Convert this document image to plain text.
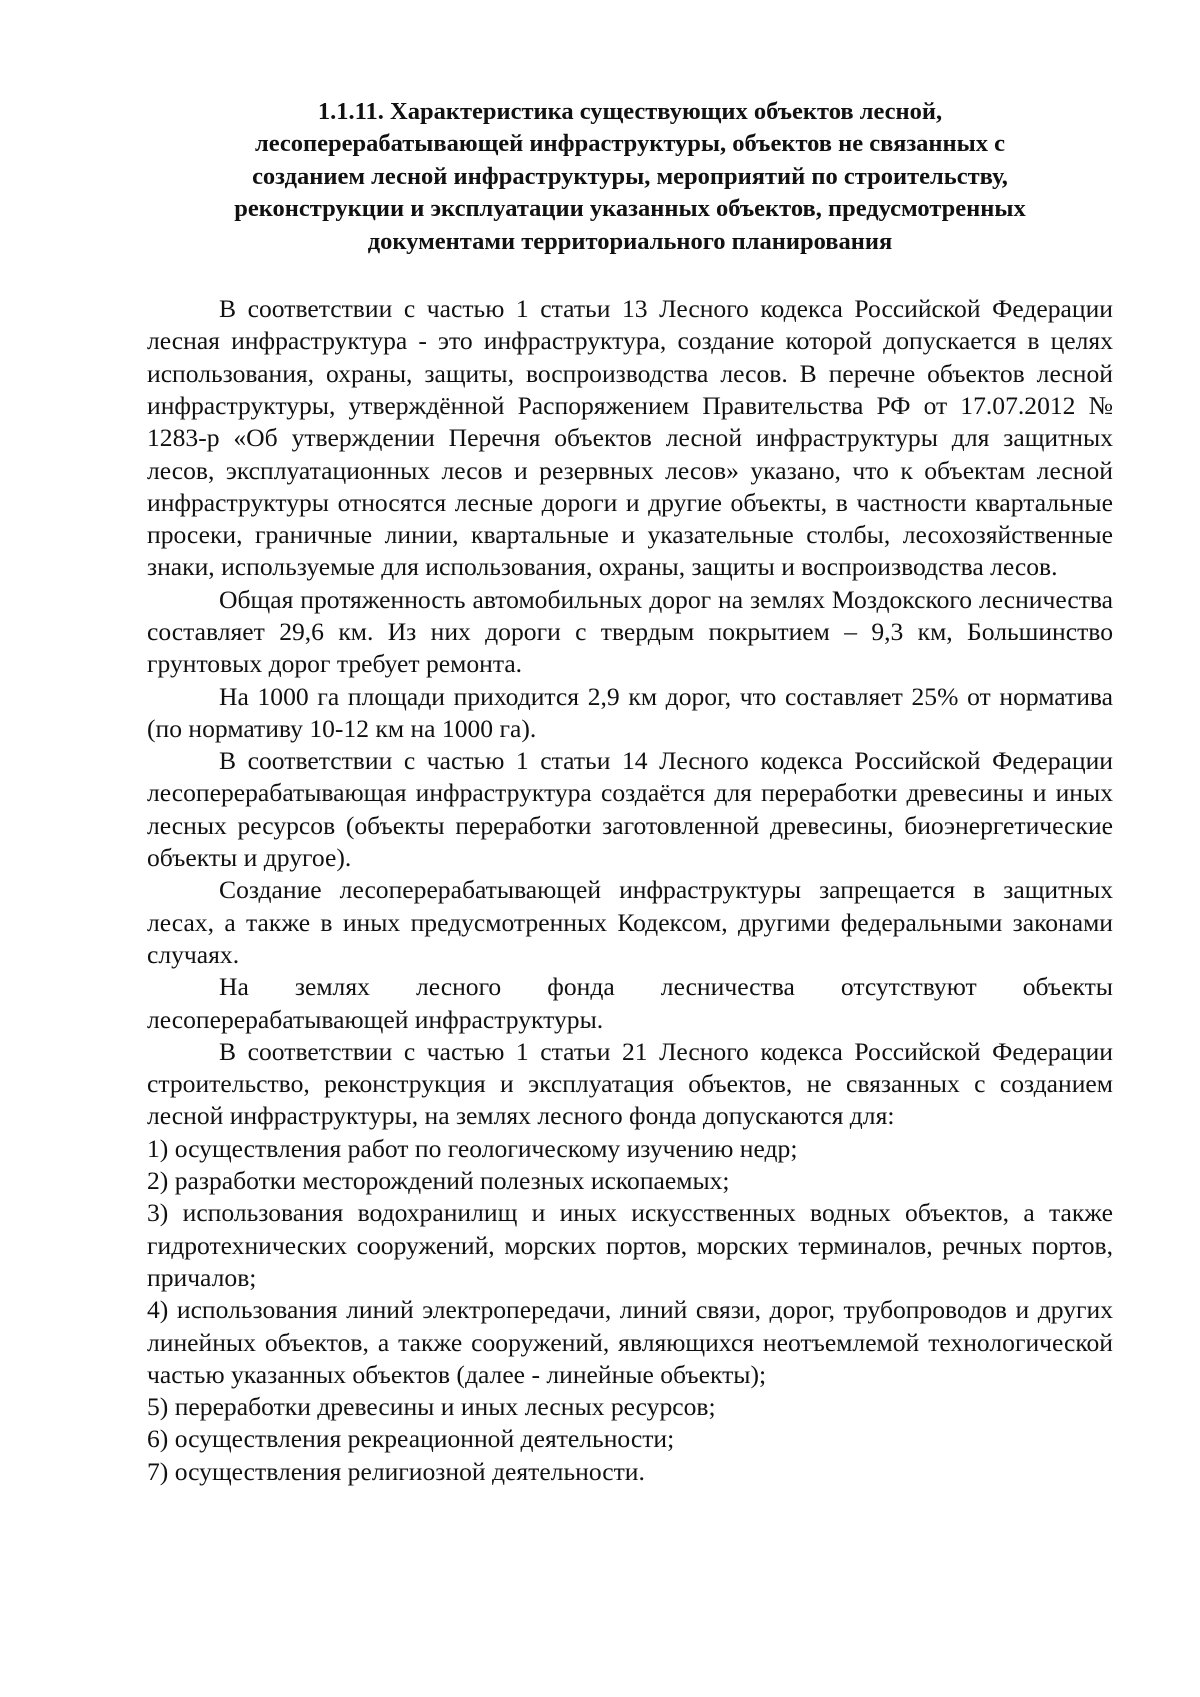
1.1.11. Характеристика существующих объектов лесной,
лесоперерабатывающей инфраструктуры, объектов не связанных с
созданием лесной инфраструктуры, мероприятий по строительству,
реконструкции и эксплуатации указанных объектов, предусмотренных
документами территориального планирования

В соответствии с частью 1 статьи 13 Лесного кодекса Российской Федерации лесная инфраструктура - это инфраструктура, создание которой допускается в целях использования, охраны, защиты, воспроизводства лесов. В перечне объектов лесной инфраструктуры, утверждённой Распоряжением Правительства РФ от 17.07.2012 № 1283-р «Об утверждении Перечня объектов лесной инфраструктуры для защитных лесов, эксплуатационных лесов и резервных лесов» указано, что к объектам лесной инфраструктуры относятся лесные дороги и другие объекты, в частности квартальные просеки, граничные линии, квартальные и указательные столбы, лесохозяйственные знаки, используемые для использования, охраны, защиты и воспроизводства лесов.

Общая протяженность автомобильных дорог на землях Моздокского лесничества составляет 29,6 км. Из них дороги с твердым покрытием – 9,3 км, Большинство грунтовых дорог требует ремонта.

На 1000 га площади приходится 2,9 км дорог, что составляет 25% от норматива (по нормативу 10-12 км на 1000 га).

В соответствии с частью 1 статьи 14 Лесного кодекса Российской Федерации лесоперерабатывающая инфраструктура создаётся для переработки древесины и иных лесных ресурсов (объекты переработки заготовленной древесины, биоэнергетические объекты и другое).

Создание лесоперерабатывающей инфраструктуры запрещается в защитных лесах, а также в иных предусмотренных Кодексом, другими федеральными законами случаях.

На землях лесного фонда лесничества отсутствуют объекты лесоперерабатывающей инфраструктуры.

В соответствии с частью 1 статьи 21 Лесного кодекса Российской Федерации строительство, реконструкция и эксплуатация объектов, не связанных с созданием лесной инфраструктуры, на землях лесного фонда допускаются для:

1) осуществления работ по геологическому изучению недр;

2) разработки месторождений полезных ископаемых;

3) использования водохранилищ и иных искусственных водных объектов, а также гидротехнических сооружений, морских портов, морских терминалов, речных портов, причалов;

4) использования линий электропередачи, линий связи, дорог, трубопроводов и других линейных объектов, а также сооружений, являющихся неотъемлемой технологической частью указанных объектов (далее - линейные объекты);

5) переработки древесины и иных лесных ресурсов;

6) осуществления рекреационной деятельности;

7) осуществления религиозной деятельности.
